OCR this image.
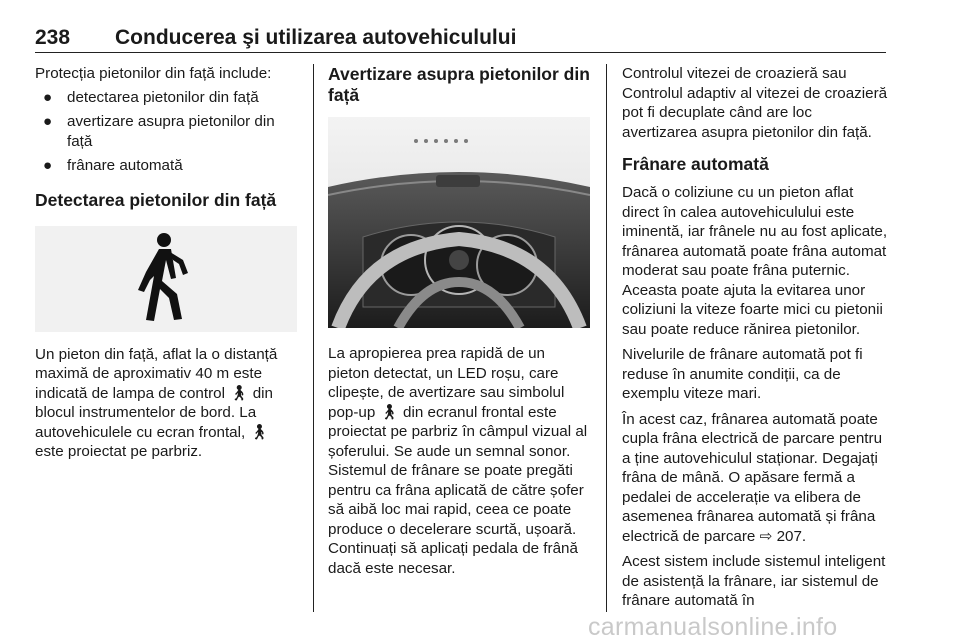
238 Conducerea şi utilizarea autovehiculului

Protecția pietonilor din față include:

● detectarea pietonilor din față
● avertizare asupra pietonilor din față
● frânare automată
Detectarea pietonilor din față

Un pieton din față, aflat la o distanță maximă de aproximativ 40 m este indicată de lampa de control 🚶︎ din blocul instrumentelor de bord. La autovehiculele cu ecran frontal, 🚶︎ este proiectat pe parbriz.

Avertizare asupra pietonilor din față

La apropierea prea rapidă de un pieton detectat, un LED roșu, care clipește, de avertizare sau simbolul pop-up 🚶︎ din ecranul frontal este proiectat pe parbriz în câmpul vizual al șoferului. Se aude un semnal sonor. Sistemul de frânare se poate pregăti pentru ca frâna aplicată de către șofer să aibă loc mai rapid, ceea ce poate produce o decelerare scurtă, ușoară. Continuați să aplicați pedala de frână dacă este necesar.

Controlul vitezei de croazieră sau Controlul adaptiv al vitezei de croazieră pot fi decuplate când are loc avertizarea asupra pietonilor din față.

Frânare automată

Dacă o coliziune cu un pieton aflat direct în calea autovehiculului este iminentă, iar frânele nu au fost aplicate, frânarea automată poate frâna automat moderat sau poate frâna puternic. Aceasta poate ajuta la evitarea unor coliziuni la viteze foarte mici cu pietonii sau poate reduce rănirea pietonilor.

Nivelurile de frânare automată pot fi reduse în anumite condiții, ca de exemplu viteze mari.

În acest caz, frânarea automată poate cupla frâna electrică de parcare pentru a ține autovehiculul staționar. Degajați frâna de mână. O apăsare fermă a pedalei de accelerație va elibera de asemenea frânarea automată și frâna electrică de parcare ⇨ 207.

Acest sistem include sistemul inteligent de asistență la frânare, iar sistemul de frânare automată în

carmanualsonline.info
